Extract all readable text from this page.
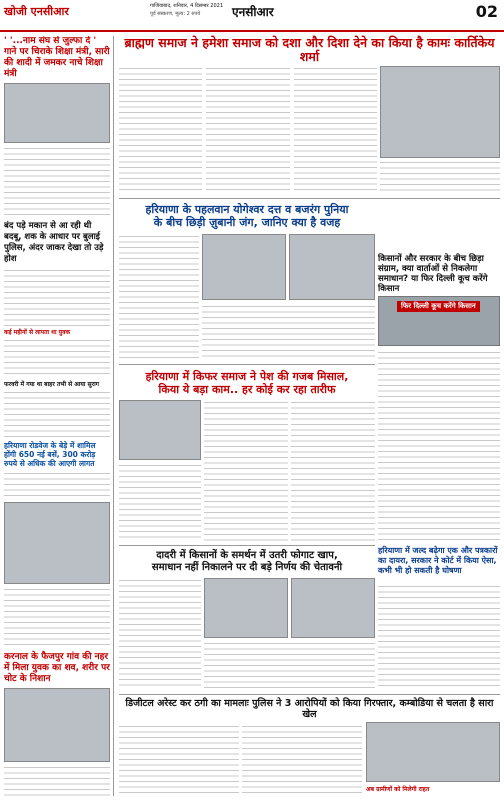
खोजी एनसीआर	गाजियाबाद, शनिवार, 4 दिसम्बर 2021
पूर्व संस्करण, मूल्य: 2 रुपये	एनसीआर	02
' '...नाम संघ से जुल्फा दे ' गाने पर चिराके शिक्षा मंत्री, सारी की शादी में जमकर नाचे शिक्षा मंत्री
बंद पड़े मकान से आ रही थी बदबू, शक के आधार पर बुलाई पुलिस, अंदर जाकर देखा तो उड़े होश
कई महीनों से लापता था युवक
फरवरी में गया था बाहर तभी से आया सुराग
हरियाणा रोडवेज के बेड़े में शामिल होंगी 650 नई बसें, 300 करोड़ रुपये से अधिक की आएगी लागत
करनाल के फैजपुर गांव की नहर में मिला युवक का शव, शरीर पर चोट के निशान
ब्राह्मण समाज ने हमेशा समाज को दशा और दिशा देने का किया है कामः कार्तिकेय शर्मा
हरियाणा के पहलवान योगेश्वर दत्त व बजरंग पुनिया
के बीच छिड़ी ज़ुबानी जंग, जानिए क्या है वजह
किसानों और सरकार के बीच छिड़ा संग्राम, क्या वार्ताओं से निकलेगा समाधान? या फिर दिल्ली कूच करेंगे किसान
फिर दिल्ली कूच करेंगे किसान
हरियाणा में किफर समाज ने पेश की गजब मिसाल,
किया ये बड़ा काम.. हर कोई कर रहा तारीफ
दादरी में किसानों के समर्थन में उतरी फोगाट खाप,
समाधान नहीं निकालने पर दी बड़े निर्णय की चेतावनी
हरियाणा में जल्द बढ़ेगा एक और पत्रकारों का दायरा, सरकार ने कोर्ट में किया ऐसा, कभी भी हो सकती है घोषणा
डिजीटल अरेस्ट कर ठगी का मामलाः पुलिस ने 3 आरोपियों को किया गिरफ्तार, कम्बोडिया से चलता है सारा खेल
अब ग्रामीणों को मिलेगी राहत
